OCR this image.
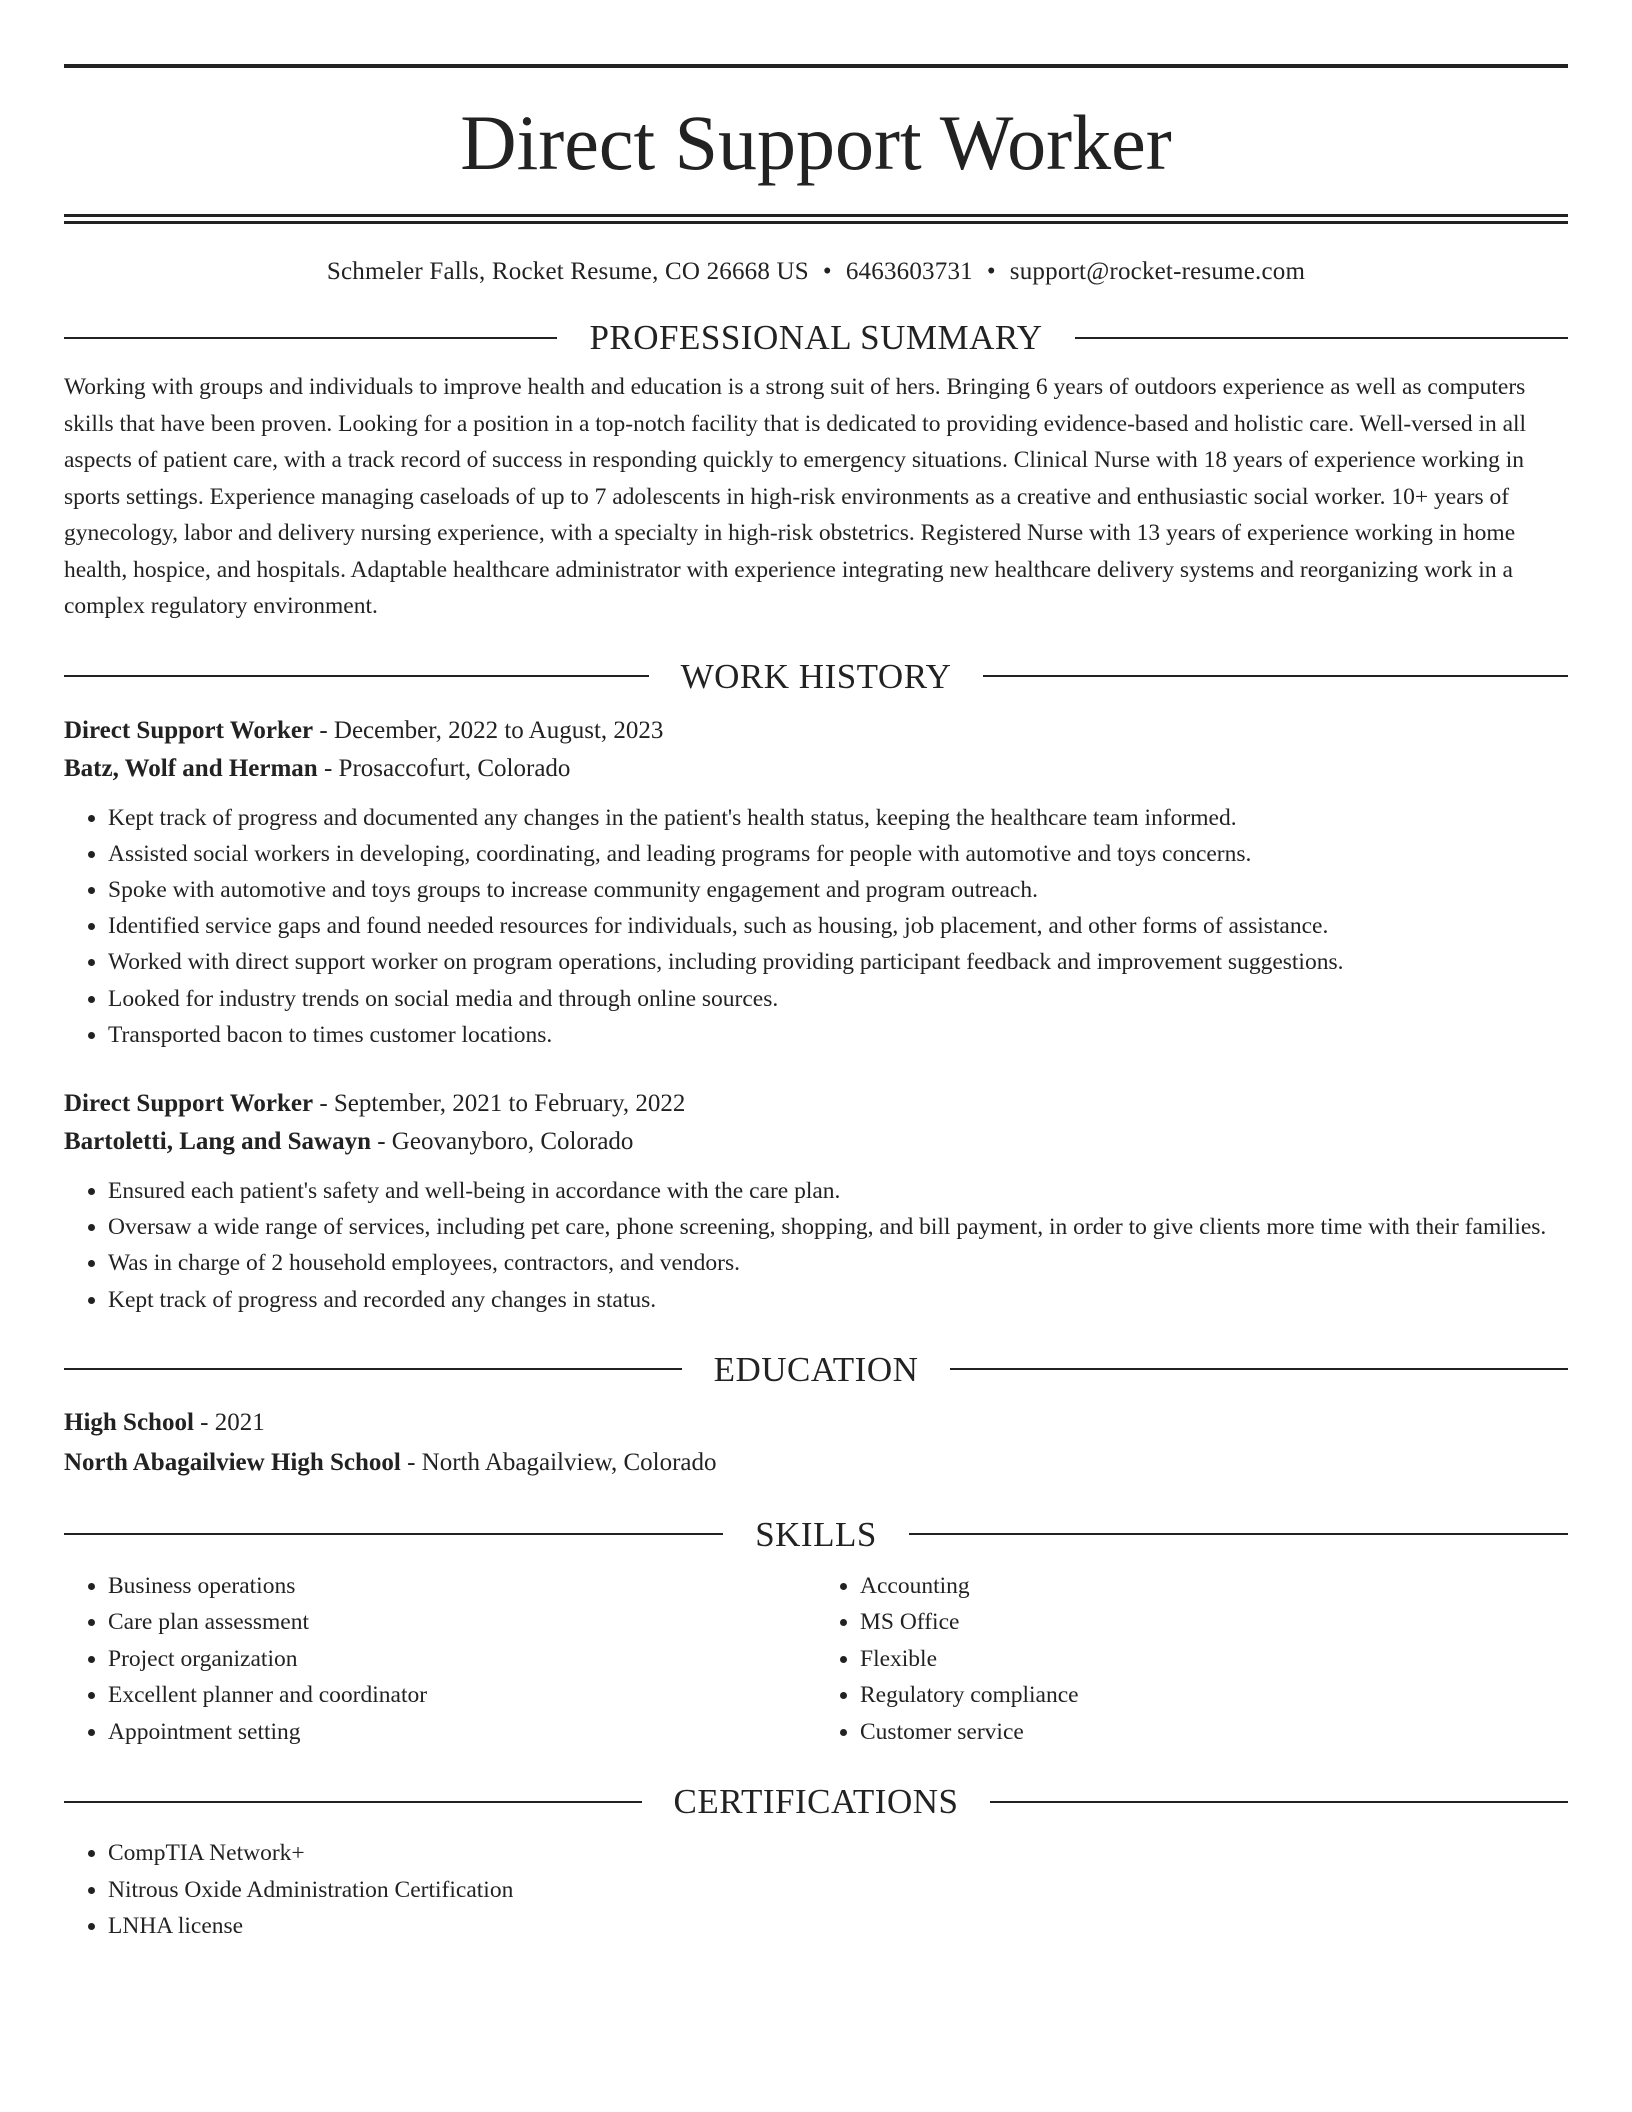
Direct Support Worker
Schmeler Falls, Rocket Resume, CO 26668 US • 6463603731 • support@rocket-resume.com
PROFESSIONAL SUMMARY
Working with groups and individuals to improve health and education is a strong suit of hers. Bringing 6 years of outdoors experience as well as computers skills that have been proven. Looking for a position in a top-notch facility that is dedicated to providing evidence-based and holistic care. Well-versed in all aspects of patient care, with a track record of success in responding quickly to emergency situations. Clinical Nurse with 18 years of experience working in sports settings. Experience managing caseloads of up to 7 adolescents in high-risk environments as a creative and enthusiastic social worker. 10+ years of gynecology, labor and delivery nursing experience, with a specialty in high-risk obstetrics. Registered Nurse with 13 years of experience working in home health, hospice, and hospitals. Adaptable healthcare administrator with experience integrating new healthcare delivery systems and reorganizing work in a complex regulatory environment.
WORK HISTORY
Direct Support Worker - December, 2022 to August, 2023
Batz, Wolf and Herman - Prosaccofurt, Colorado
• Kept track of progress and documented any changes in the patient's health status, keeping the healthcare team informed.
• Assisted social workers in developing, coordinating, and leading programs for people with automotive and toys concerns.
• Spoke with automotive and toys groups to increase community engagement and program outreach.
• Identified service gaps and found needed resources for individuals, such as housing, job placement, and other forms of assistance.
• Worked with direct support worker on program operations, including providing participant feedback and improvement suggestions.
• Looked for industry trends on social media and through online sources.
• Transported bacon to times customer locations.
Direct Support Worker - September, 2021 to February, 2022
Bartoletti, Lang and Sawayn - Geovanyboro, Colorado
• Ensured each patient's safety and well-being in accordance with the care plan.
• Oversaw a wide range of services, including pet care, phone screening, shopping, and bill payment, in order to give clients more time with their families.
• Was in charge of 2 household employees, contractors, and vendors.
• Kept track of progress and recorded any changes in status.
EDUCATION
High School - 2021
North Abagailview High School - North Abagailview, Colorado
SKILLS
• Business operations
• Care plan assessment
• Project organization
• Excellent planner and coordinator
• Appointment setting
• Accounting
• MS Office
• Flexible
• Regulatory compliance
• Customer service
CERTIFICATIONS
• CompTIA Network+
• Nitrous Oxide Administration Certification
• LNHA license
